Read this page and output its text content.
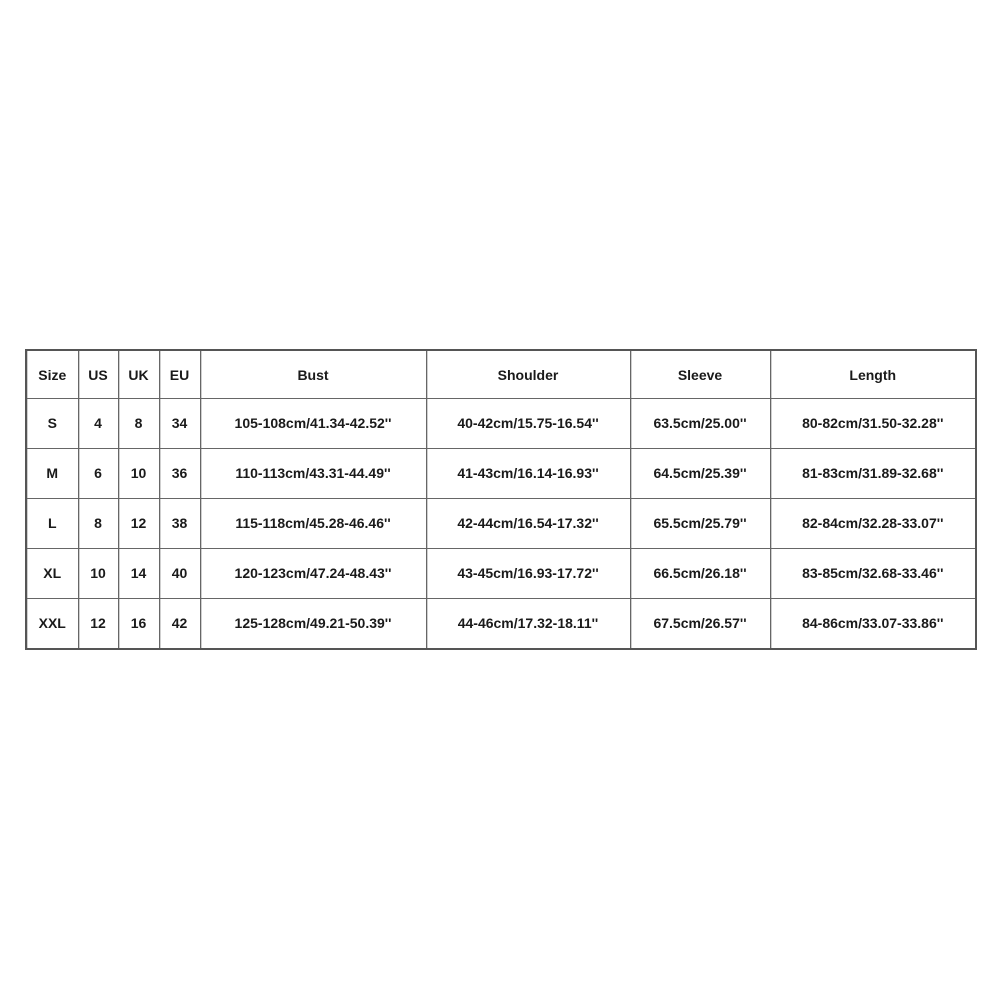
Size	US	UK	EU	Bust	Shoulder	Sleeve	Length
S	4	8	34	105-108cm/41.34-42.52''	40-42cm/15.75-16.54''	63.5cm/25.00''	80-82cm/31.50-32.28''
M	6	10	36	110-113cm/43.31-44.49''	41-43cm/16.14-16.93''	64.5cm/25.39''	81-83cm/31.89-32.68''
L	8	12	38	115-118cm/45.28-46.46''	42-44cm/16.54-17.32''	65.5cm/25.79''	82-84cm/32.28-33.07''
XL	10	14	40	120-123cm/47.24-48.43''	43-45cm/16.93-17.72''	66.5cm/26.18''	83-85cm/32.68-33.46''
XXL	12	16	42	125-128cm/49.21-50.39''	44-46cm/17.32-18.11''	67.5cm/26.57''	84-86cm/33.07-33.86''
